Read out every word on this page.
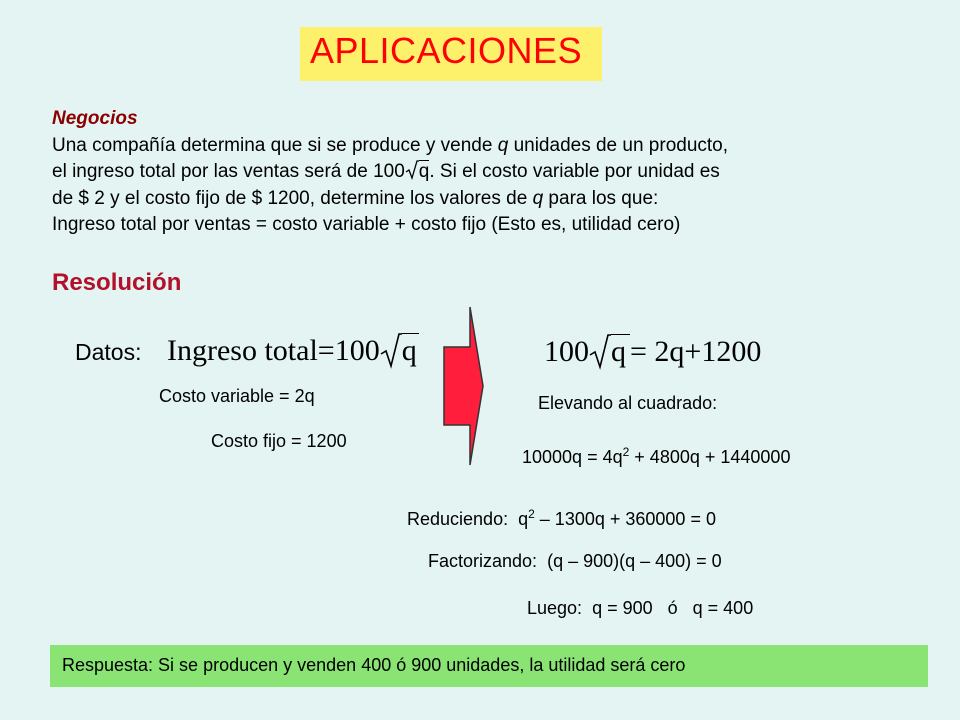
APLICACIONES
Negocios
Una compañía determina que si se produce y vende q unidades de un producto,
el ingreso total por las ventas será de 100 q. Si el costo variable por unidad es
de $ 2 y el costo fijo de $ 1200, determine los valores de q para los que:
Ingreso total por ventas = costo variable + costo fijo (Esto es, utilidad cero)
Resolución
Datos: Ingreso total=100 q
Costo variable = 2q
Costo fijo = 1200
100 q = 2q+1200
Elevando al cuadrado:
$10000q = 4q^2 + 4800q + 1440000$
Reduciendo: $q^2 - 1300q + 360000 = 0$
Factorizando: (q – 900)(q – 400) = 0
Luego: q = 900   ó   q = 400
Respuesta: Si se producen y venden 400 ó 900 unidades, la utilidad será cero
